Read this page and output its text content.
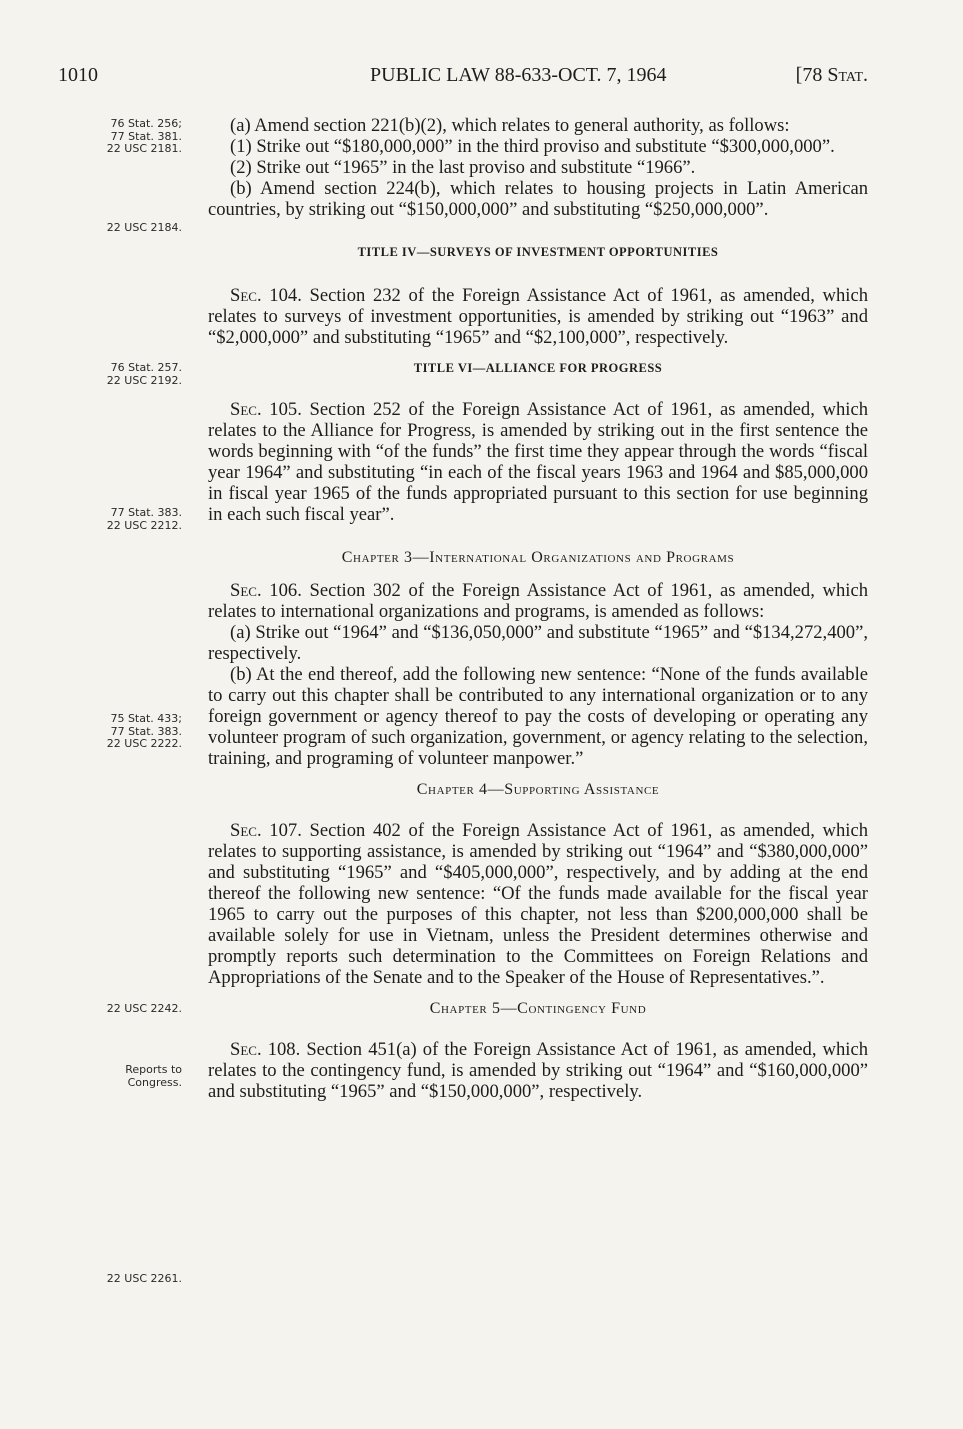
1010	PUBLIC LAW 88-633-OCT. 7, 1964	[78 Stat.
76 Stat. 256;
77 Stat. 381.
22 USC 2181.
22 USC 2184.
76 Stat. 257.
22 USC 2192.
77 Stat. 383.
22 USC 2212.
75 Stat. 433;
77 Stat. 383.
22 USC 2222.
22 USC 2242.
Reports to
Congress.
22 USC 2261.

(a) Amend section 221(b)(2), which relates to general authority, as follows:

(1) Strike out “$180,000,000” in the third proviso and substitute “$300,000,000”.

(2) Strike out “1965” in the last proviso and substitute “1966”.

(b) Amend section 224(b), which relates to housing projects in Latin American countries, by striking out “$150,000,000” and substituting “$250,000,000”.

TITLE IV—SURVEYS OF INVESTMENT OPPORTUNITIES

Sec. 104. Section 232 of the Foreign Assistance Act of 1961, as amended, which relates to surveys of investment opportunities, is amended by striking out “1963” and “$2,000,000” and substituting “1965” and “$2,100,000”, respectively.

TITLE VI—ALLIANCE FOR PROGRESS

Sec. 105. Section 252 of the Foreign Assistance Act of 1961, as amended, which relates to the Alliance for Progress, is amended by striking out in the first sentence the words beginning with “of the funds” the first time they appear through the words “fiscal year 1964” and substituting “in each of the fiscal years 1963 and 1964 and $85,000,000 in fiscal year 1965 of the funds appropriated pursuant to this section for use beginning in each such fiscal year”.

Chapter 3—International Organizations and Programs

Sec. 106. Section 302 of the Foreign Assistance Act of 1961, as amended, which relates to international organizations and programs, is amended as follows:

(a) Strike out “1964” and “$136,050,000” and substitute “1965” and “$134,272,400”, respectively.

(b) At the end thereof, add the following new sentence: “None of the funds available to carry out this chapter shall be contributed to any international organization or to any foreign government or agency thereof to pay the costs of developing or operating any volunteer program of such organization, government, or agency relating to the selection, training, and programing of volunteer manpower.”

Chapter 4—Supporting Assistance

Sec. 107. Section 402 of the Foreign Assistance Act of 1961, as amended, which relates to supporting assistance, is amended by striking out “1964” and “$380,000,000” and substituting “1965” and “$405,000,000”, respectively, and by adding at the end thereof the following new sentence: “Of the funds made available for the fiscal year 1965 to carry out the purposes of this chapter, not less than $200,000,000 shall be available solely for use in Vietnam, unless the President determines otherwise and promptly reports such determination to the Committees on Foreign Relations and Appropriations of the Senate and to the Speaker of the House of Representatives.”.

Chapter 5—Contingency Fund

Sec. 108. Section 451(a) of the Foreign Assistance Act of 1961, as amended, which relates to the contingency fund, is amended by striking out “1964” and “$160,000,000” and substituting “1965” and “$150,000,000”, respectively.
